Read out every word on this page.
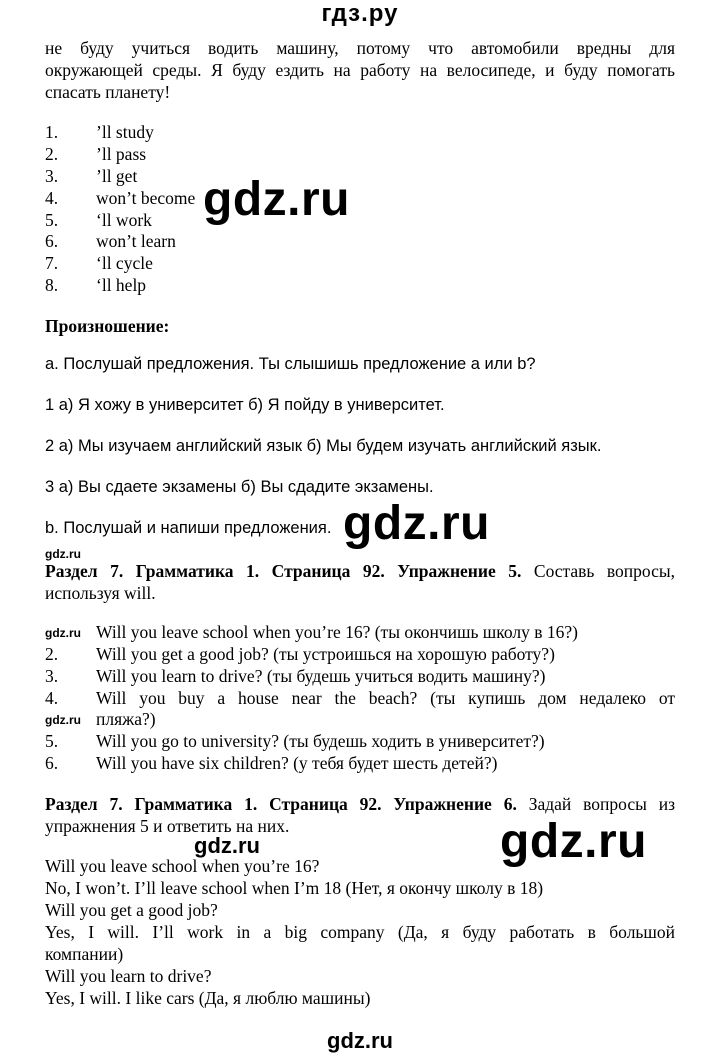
гдз.ру
не буду учиться водить машину, потому что автомобили вредны для
окружающей среды. Я буду ездить на работу на велосипеде, и буду помогать
спасать планету!
1. ’ll study
2. ’ll pass
3. ’ll get
4. won’t become
5. ‘ll work
6. won’t learn
7. ‘ll cycle
8. ‘ll help
gdz.ru
Произношение:
a. Послушай предложения. Ты слышишь предложение a или b?
1 а) Я хожу в университет б) Я пойду в университет.
2 а) Мы изучаем английский язык б) Мы будем изучать английский язык.
3 а) Вы сдаете экзамены б) Вы сдадите экзамены.
b. Послушай и напиши предложения. gdz.ru
gdz.ru
Раздел 7. Грамматика 1. Страница 92. Упражнение 5. Составь вопросы,
используя will.
gdz.ru Will you leave school when you’re 16? (ты окончишь школу в 16?)
2. Will you get a good job? (ты устроишься на хорошую работу?)
3. Will you learn to drive? (ты будешь учиться водить машину?)
4. Will you buy a house near the beach? (ты купишь дом недалеко от
gdz.ru пляжа?)
5. Will you go to university? (ты будешь ходить в университет?)
6. Will you have six children? (у тебя будет шесть детей?)
Раздел 7. Грамматика 1. Страница 92. Упражнение 6. Задай вопросы из
упражнения 5 и ответить на них.
gdz.ru	gdz.ru
Will you leave school when you’re 16?
No, I won’t. I’ll leave school when I’m 18 (Нет, я окончу школу в 18)
Will you get a good job?
Yes, I will. I’ll work in a big company (Да, я буду работать в большой
компании)
Will you learn to drive?
Yes, I will. I like cars (Да, я люблю машины)
gdz.ru
